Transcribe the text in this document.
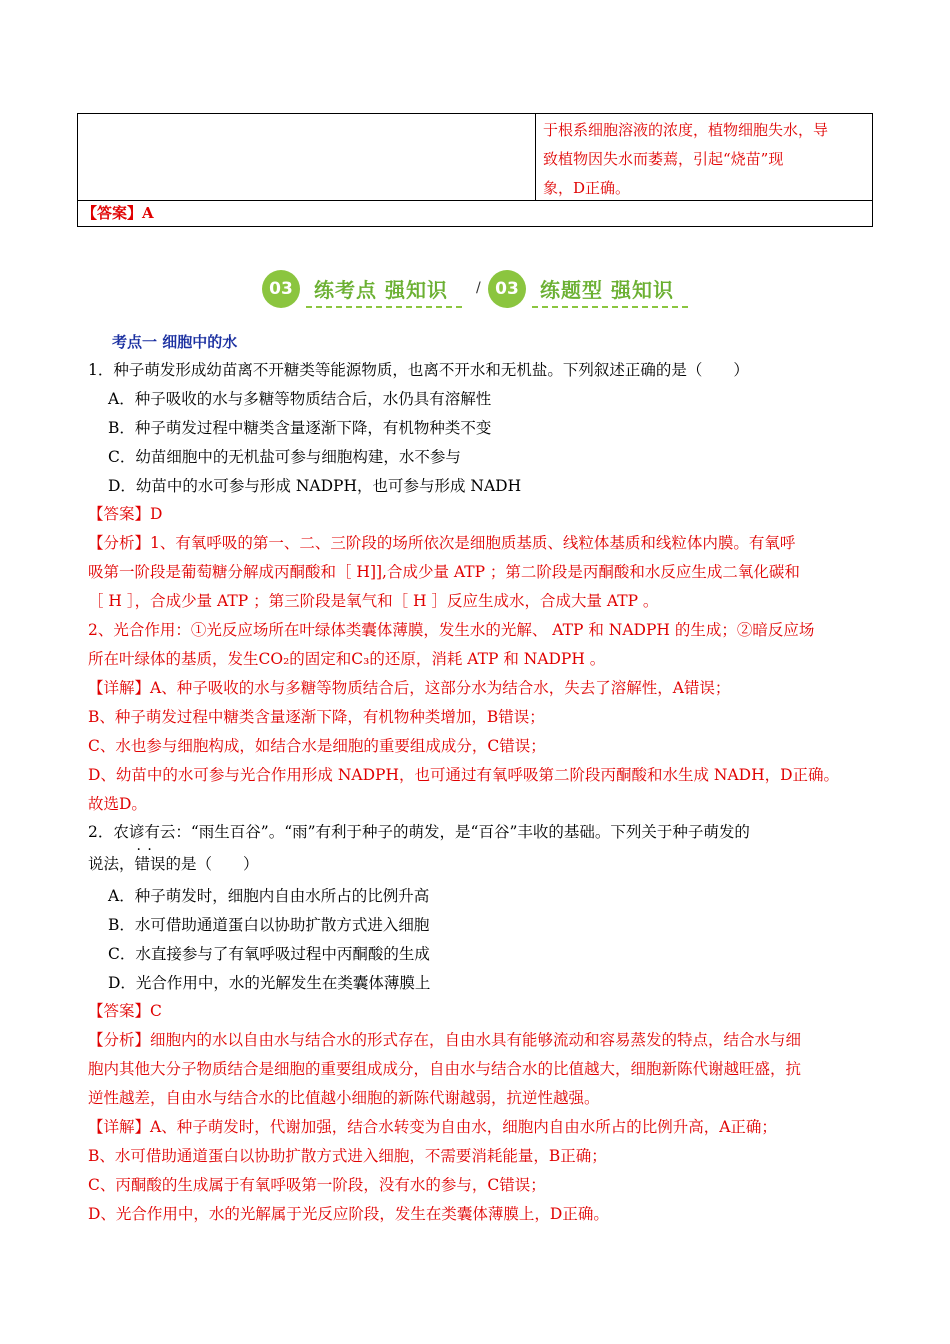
于根系细胞溶液的浓度，植物细胞失水，导
致植物因失水而萎蔫，引起“烧苗”现
象，D正确。
【答案】A
03	练考点 强知识 / 03	练题型 强知识
考点一 细胞中的水
1．种子萌发形成幼苗离不开糖类等能源物质，也离不开水和无机盐。下列叙述正确的是（　　）
A．种子吸收的水与多糖等物质结合后，水仍具有溶解性
B．种子萌发过程中糖类含量逐渐下降，有机物种类不变
C．幼苗细胞中的无机盐可参与细胞构建，水不参与
D．幼苗中的水可参与形成 NADPH，也可参与形成 NADH
【答案】D
【分析】1、有氧呼吸的第一、二、三阶段的场所依次是细胞质基质、线粒体基质和线粒体内膜。有氧呼
吸第一阶段是葡萄糖分解成丙酮酸和［ H]],合成少量 ATP ；第二阶段是丙酮酸和水反应生成二氧化碳和
［ H ］，合成少量 ATP ；第三阶段是氧气和［ H ］反应生成水，合成大量 ATP 。
2、光合作用：①光反应场所在叶绿体类囊体薄膜，发生水的光解、 ATP 和 NADPH 的生成；②暗反应场
所在叶绿体的基质，发生CO₂的固定和C₃的还原，消耗 ATP 和 NADPH 。
【详解】A、种子吸收的水与多糖等物质结合后，这部分水为结合水，失去了溶解性，A错误；
B、种子萌发过程中糖类含量逐渐下降，有机物种类增加，B错误；
C、水也参与细胞构成，如结合水是细胞的重要组成成分，C错误；
D、幼苗中的水可参与光合作用形成 NADPH，也可通过有氧呼吸第二阶段丙酮酸和水生成 NADH，D正确。
故选D。
2．农谚有云：“雨生百谷”。“雨”有利于种子的萌发，是“百谷”丰收的基础。下列关于种子萌发的
说法，· · 错误的是（　　）
A．种子萌发时，细胞内自由水所占的比例升高
B．水可借助通道蛋白以协助扩散方式进入细胞
C．水直接参与了有氧呼吸过程中丙酮酸的生成
D．光合作用中，水的光解发生在类囊体薄膜上
【答案】C
【分析】细胞内的水以自由水与结合水的形式存在，自由水具有能够流动和容易蒸发的特点，结合水与细
胞内其他大分子物质结合是细胞的重要组成成分，自由水与结合水的比值越大，细胞新陈代谢越旺盛，抗
逆性越差，自由水与结合水的比值越小细胞的新陈代谢越弱，抗逆性越强。
【详解】A、种子萌发时，代谢加强，结合水转变为自由水，细胞内自由水所占的比例升高，A正确；
B、水可借助通道蛋白以协助扩散方式进入细胞，不需要消耗能量，B正确；
C、丙酮酸的生成属于有氧呼吸第一阶段，没有水的参与，C错误；
D、光合作用中，水的光解属于光反应阶段，发生在类囊体薄膜上，D正确。
